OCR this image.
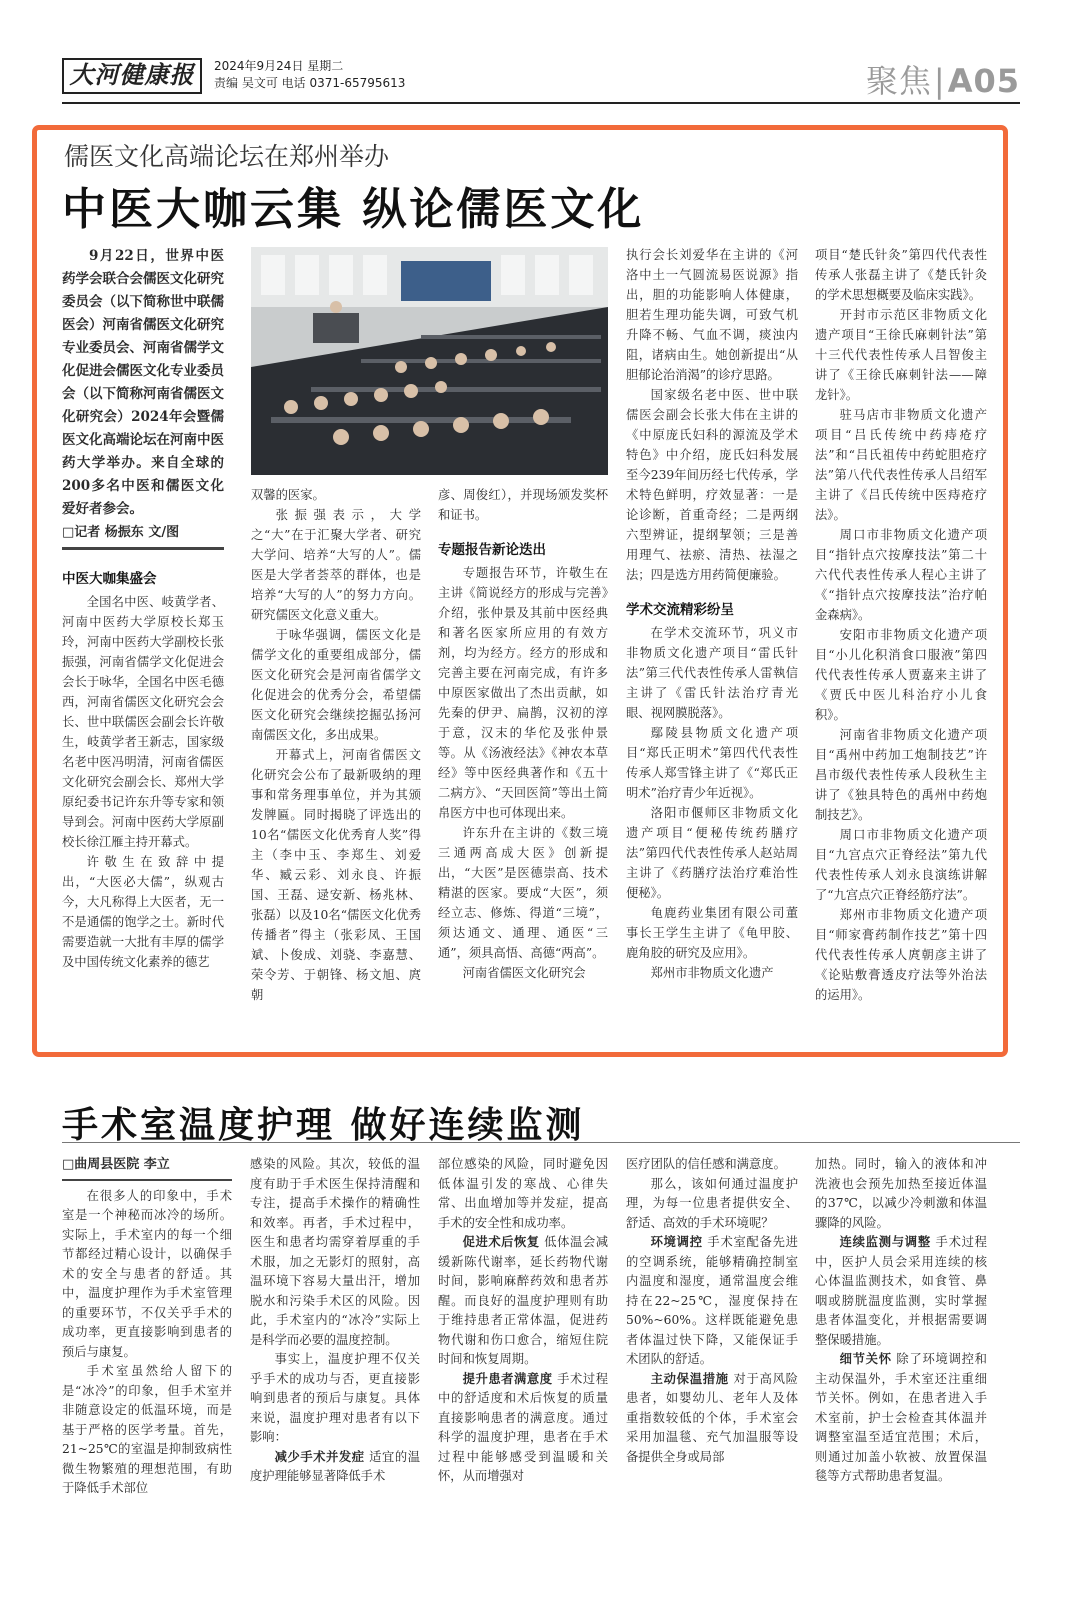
大河健康报	2024年9月24日 星期二
责编 吴文可 电话 0371-65795613	聚焦|A05
儒医文化高端论坛在郑州举办
中医大咖云集 纵论儒医文化

9月22日，世界中医药学会联合会儒医文化研究委员会（以下简称世中联儒医会）河南省儒医文化研究专业委员会、河南省儒学文化促进会儒医文化专业委员会（以下简称河南省儒医文化研究会）2024年会暨儒医文化高端论坛在河南中医药大学举办。来自全球的200多名中医和儒医文化爱好者参会。

□记者 杨振东 文/图
中医大咖集盛会

全国名中医、岐黄学者、河南中医药大学原校长郑玉玲，河南中医药大学副校长张振强，河南省儒学文化促进会会长于咏华，全国名中医毛德西，河南省儒医文化研究会会长、世中联儒医会副会长许敬生，岐黄学者王新志，国家级名老中医冯明清，河南省儒医文化研究会副会长、郑州大学原纪委书记许东升等专家和领导到会。河南中医药大学原副校长徐江雁主持开幕式。

许敬生在致辞中提出，“大医必大儒”，纵观古今，大凡称得上大医者，无一不是通儒的饱学之士。新时代需要造就一大批有丰厚的儒学及中国传统文化素养的德艺

双馨的医家。

张振强表示，大学之“大”在于汇聚大学者、研究大学问、培养“大写的人”。儒医是大学者荟萃的群体，也是培养“大写的人”的努力方向。研究儒医文化意义重大。

于咏华强调，儒医文化是儒学文化的重要组成部分，儒医文化研究会是河南省儒学文化促进会的优秀分会，希望儒医文化研究会继续挖掘弘扬河南儒医文化，多出成果。

开幕式上，河南省儒医文化研究会公布了最新吸纳的理事和常务理事单位，并为其颁发牌匾。同时揭晓了评选出的10名“儒医文化优秀育人奖”得主（李中玉、李郑生、刘爱华、臧云彩、刘永良、许振国、王磊、逯安新、杨兆林、张磊）以及10名“儒医文化优秀传播者”得主（张彩凤、王国斌、卜俊成、刘骁、李嘉慧、荣令芳、于朝锋、杨文旭、庹朝

彦、周俊红），并现场颁发奖杯和证书。

专题报告新论迭出

专题报告环节，许敬生在主讲《简说经方的形成与完善》介绍，张仲景及其前中医经典和著名医家所应用的有效方剂，均为经方。经方的形成和完善主要在河南完成，有许多中原医家做出了杰出贡献，如先秦的伊尹、扁鹊，汉初的淳于意，汉末的华佗及张仲景等。从《汤液经法》《神农本草经》等中医经典著作和《五十二病方》、“天回医简”等出土简帛医方中也可体现出来。

许东升在主讲的《数三境三通两高成大医》创新提出，“大医”是医德崇高、技术精湛的医家。要成“大医”，须经立志、修炼、得道“三境”，须达通文、通理、通医“三通”，须具高悟、高德“两高”。

河南省儒医文化研究会

执行会长刘爱华在主讲的《河洛中土一气圆流易医说源》指出，胆的功能影响人体健康，胆若生理功能失调，可致气机升降不畅、气血不调，痰浊内阻，诸病由生。她创新提出“从胆郁论治消渴”的诊疗思路。

国家级名老中医、世中联儒医会副会长张大伟在主讲的《中原庞氏妇科的源流及学术特色》中介绍，庞氏妇科发展至今239年间历经七代传承，学术特色鲜明，疗效显著：一是论诊断，首重奇经；二是两纲六型辨证，提纲挈领；三是善用理气、祛瘀、清热、祛湿之法；四是选方用药简便廉验。

学术交流精彩纷呈

在学术交流环节，巩义市非物质文化遗产项目“雷氏针法”第三代代表性传承人雷執信主讲了《雷氏针法治疗青光眼、视网膜脱落》。

鄢陵县物质文化遗产项目“郑氏正明术”第四代代表性传承人郑雪锋主讲了《“郑氏正明术”治疗青少年近视》。

洛阳市偃师区非物质文化遗产项目“便秘传统药膳疗法”第四代代表性传承人赵站周主讲了《药膳疗法治疗难治性便秘》。

龟鹿药业集团有限公司董事长王学生主讲了《龟甲胶、鹿角胶的研究及应用》。

郑州市非物质文化遗产

项目“楚氏针灸”第四代代表性传承人张磊主讲了《楚氏针灸的学术思想概要及临床实践》。

开封市示范区非物质文化遗产项目“王徐氏麻刺针法”第十三代代表性传承人吕智俊主讲了《王徐氏麻刺针法——障龙针》。

驻马店市非物质文化遗产项目“吕氏传统中药痔疮疗法”和“吕氏祖传中药蛇胆疮疗法”第八代代表性传承人吕绍军主讲了《吕氏传统中医痔疮疗法》。

周口市非物质文化遗产项目“指针点穴按摩技法”第二十六代代表性传承人程心主讲了《“指针点穴按摩技法”治疗帕金森病》。

安阳市非物质文化遗产项目“小儿化积消食口服液”第四代代表性传承人贾嘉来主讲了《贾氏中医儿科治疗小儿食积》。

河南省非物质文化遗产项目“禹州中药加工炮制技艺”许昌市级代表性传承人段秋生主讲了《独具特色的禹州中药炮制技艺》。

周口市非物质文化遗产项目“九宫点穴正脊经法”第九代代表性传承人刘永良演练讲解了“九宫点穴正脊经筋疗法”。

郑州市非物质文化遗产项目“师家膏药制作技艺”第十四代代表性传承人庹朝彦主讲了《论贴敷膏透皮疗法等外治法的运用》。

手术室温度护理 做好连续监测

□曲周县医院 李立

在很多人的印象中，手术室是一个神秘而冰冷的场所。实际上，手术室内的每一个细节都经过精心设计，以确保手术的安全与患者的舒适。其中，温度护理作为手术室管理的重要环节，不仅关乎手术的成功率，更直接影响到患者的预后与康复。

手术室虽然给人留下的是“冰冷”的印象，但手术室并非随意设定的低温环境，而是基于严格的医学考量。首先，21~25℃的室温是抑制致病性微生物繁殖的理想范围，有助于降低手术部位

感染的风险。其次，较低的温度有助于手术医生保持清醒和专注，提高手术操作的精确性和效率。再者，手术过程中，医生和患者均需穿着厚重的手术服，加之无影灯的照射，高温环境下容易大量出汗，增加脱水和污染手术区的风险。因此，手术室内的“冰冷”实际上是科学而必要的温度控制。

事实上，温度护理不仅关乎手术的成功与否，更直接影响到患者的预后与康复。具体来说，温度护理对患者有以下影响：

减少手术并发症 适宜的温度护理能够显著降低手术

部位感染的风险，同时避免因低体温引发的寒战、心律失常、出血增加等并发症，提高手术的安全性和成功率。

促进术后恢复 低体温会减缓新陈代谢率，延长药物代谢时间，影响麻醉药效和患者苏醒。而良好的温度护理则有助于维持患者正常体温，促进药物代谢和伤口愈合，缩短住院时间和恢复周期。

提升患者满意度 手术过程中的舒适度和术后恢复的质量直接影响患者的满意度。通过科学的温度护理，患者在手术过程中能够感受到温暖和关怀，从而增强对

医疗团队的信任感和满意度。

那么，该如何通过温度护理，为每一位患者提供安全、舒适、高效的手术环境呢？

环境调控 手术室配备先进的空调系统，能够精确控制室内温度和湿度，通常温度会维持在22~25℃，湿度保持在50%~60%。这样既能避免患者体温过快下降，又能保证手术团队的舒适。

主动保温措施 对于高风险患者，如婴幼儿、老年人及体重指数较低的个体，手术室会采用加温毯、充气加温服等设备提供全身或局部

加热。同时，输入的液体和冲洗液也会预先加热至接近体温的37℃，以减少冷刺激和体温骤降的风险。

连续监测与调整 手术过程中，医护人员会采用连续的核心体温监测技术，如食管、鼻咽或膀胱温度监测，实时掌握患者体温变化，并根据需要调整保暖措施。

细节关怀 除了环境调控和主动保温外，手术室还注重细节关怀。例如，在患者进入手术室前，护士会检查其体温并调整室温至适宜范围；术后，则通过加盖小软被、放置保温毯等方式帮助患者复温。
